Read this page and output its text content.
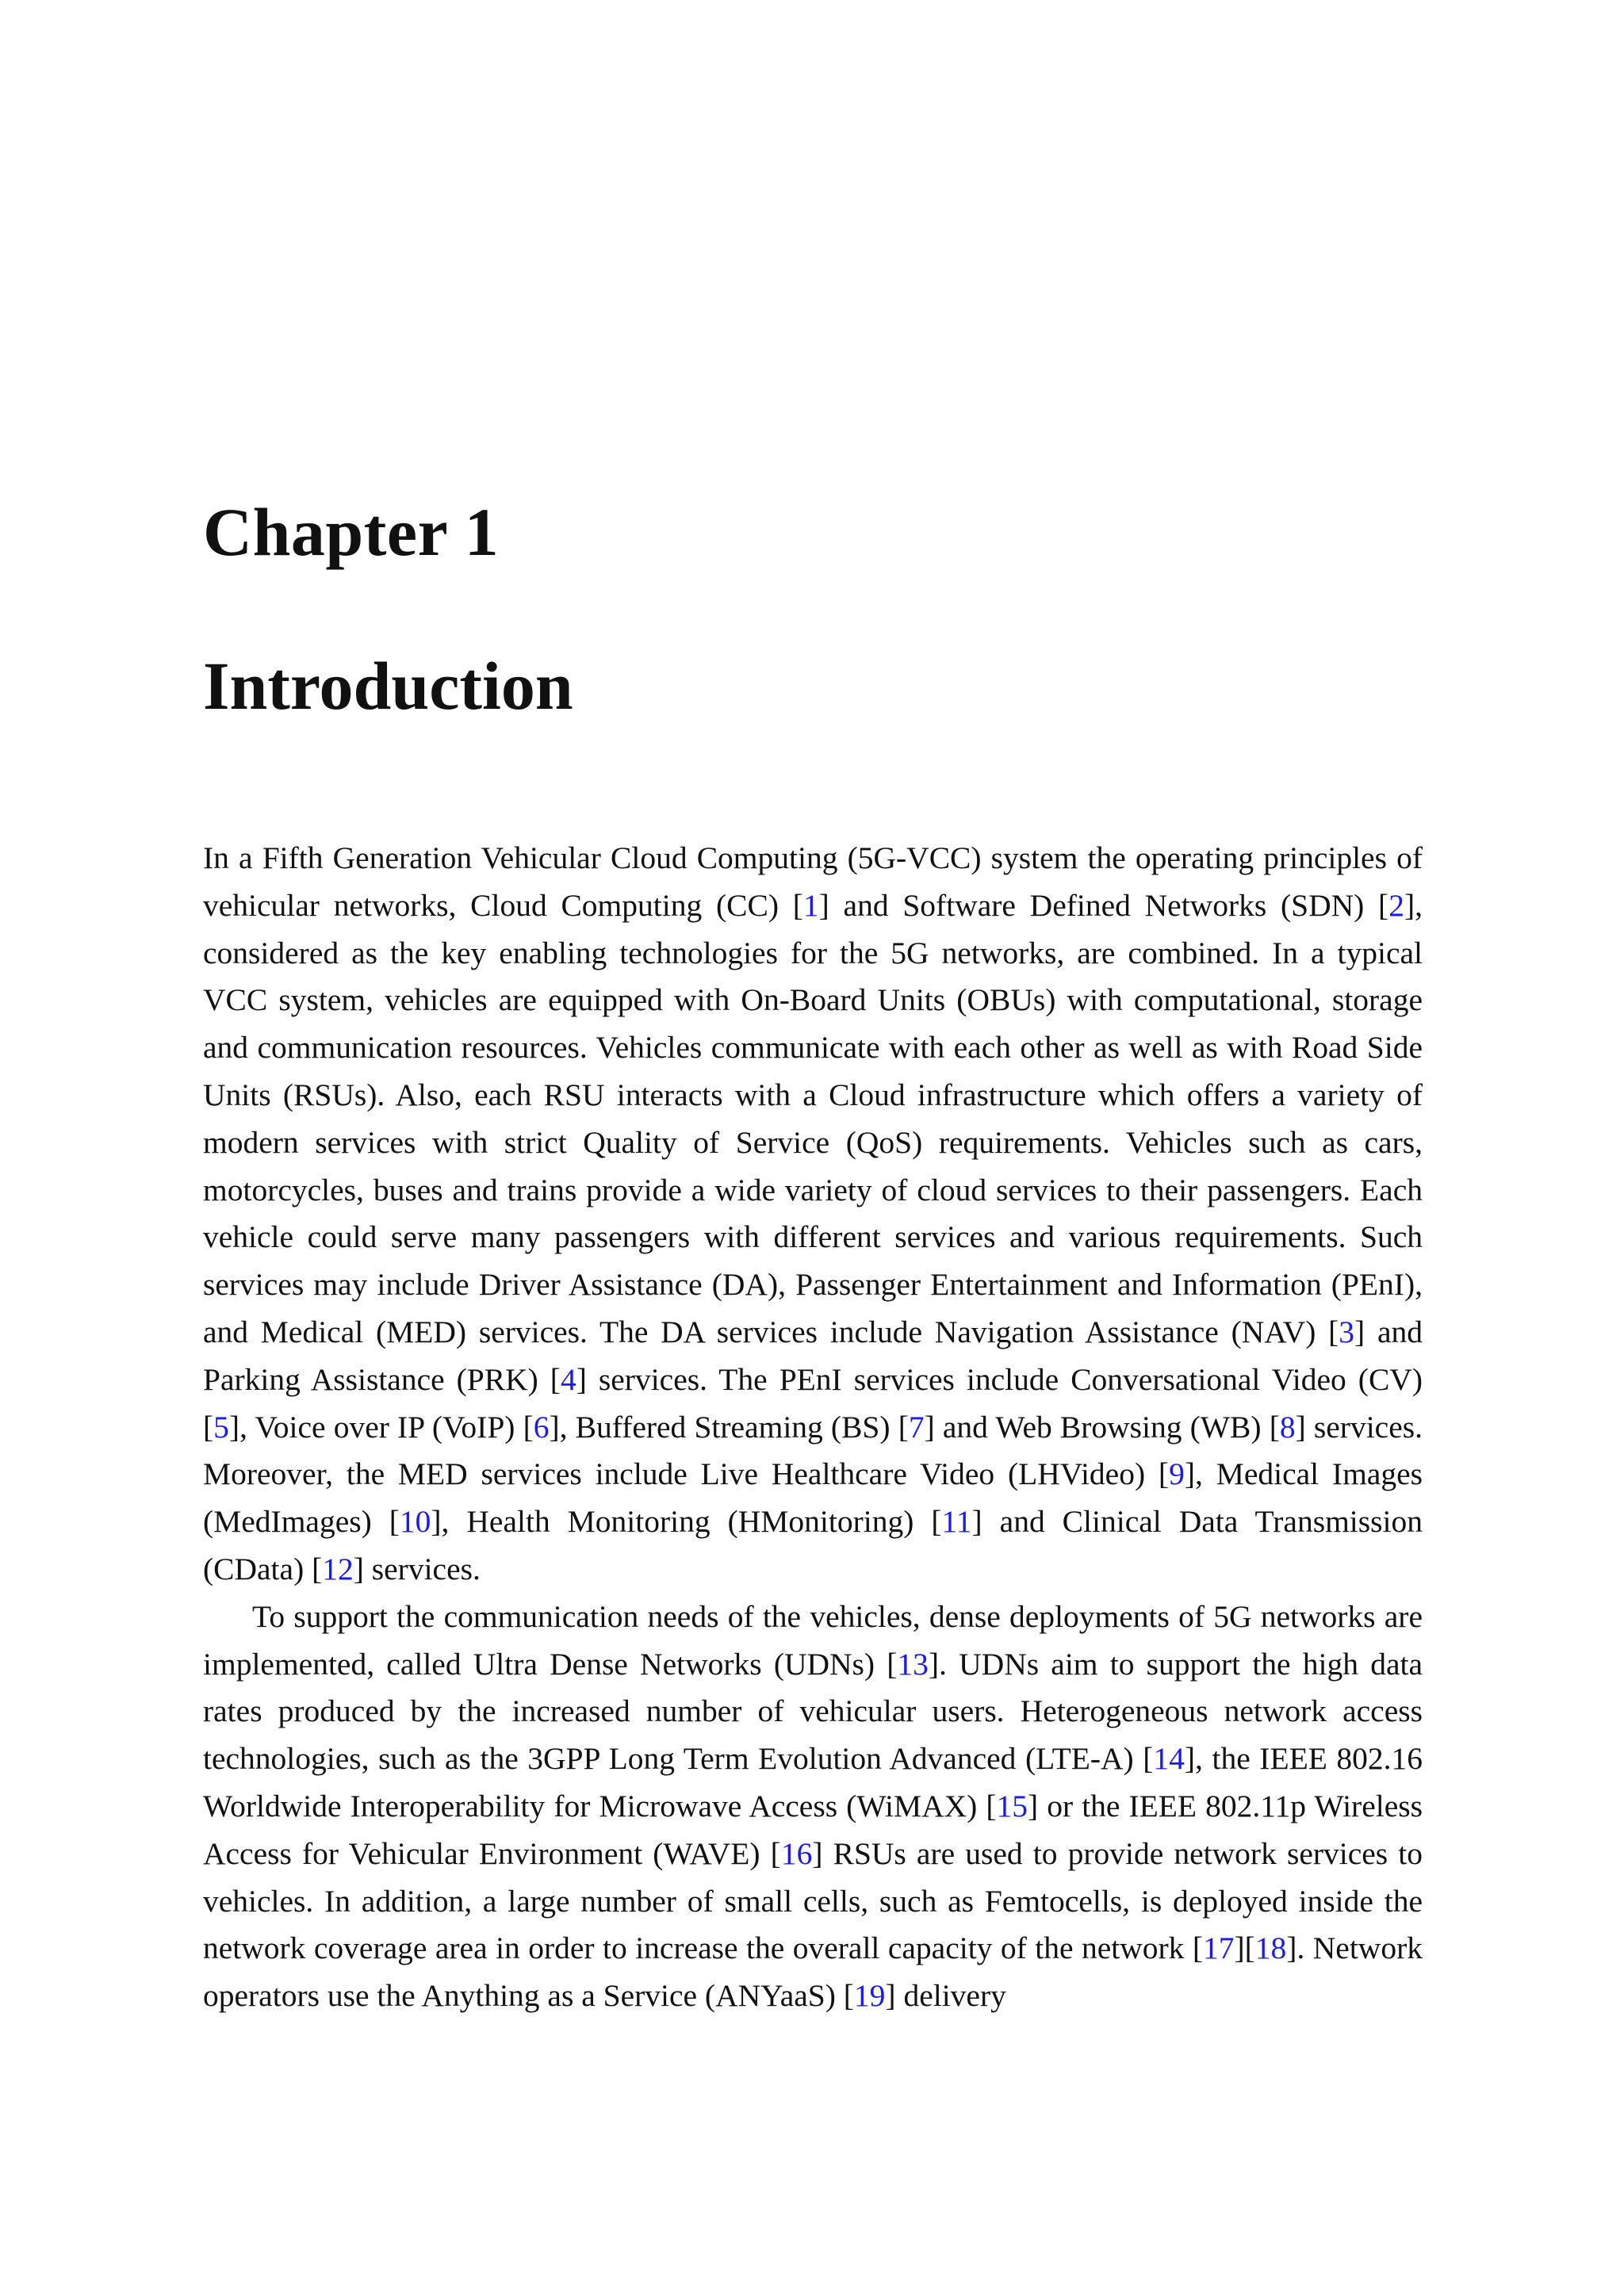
Chapter 1
Introduction

In a Fifth Generation Vehicular Cloud Computing (5G-VCC) system the operating principles of vehicular networks, Cloud Computing (CC) [1] and Software Defined Networks (SDN) [2], considered as the key enabling technologies for the 5G networks, are combined. In a typical VCC system, vehicles are equipped with On-Board Units (OBUs) with computational, storage and communication resources. Vehicles communicate with each other as well as with Road Side Units (RSUs). Also, each RSU interacts with a Cloud infrastructure which offers a variety of modern services with strict Quality of Service (QoS) requirements. Vehicles such as cars, motorcycles, buses and trains provide a wide variety of cloud services to their passengers. Each vehicle could serve many passengers with different services and various requirements. Such services may include Driver Assistance (DA), Passenger Entertainment and Information (PEnI), and Medical (MED) services. The DA services include Navigation Assistance (NAV) [3] and Parking Assistance (PRK) [4] services. The PEnI services include Conversational Video (CV) [5], Voice over IP (VoIP) [6], Buffered Streaming (BS) [7] and Web Browsing (WB) [8] services. Moreover, the MED services include Live Healthcare Video (LHVideo) [9], Medical Images (MedImages) [10], Health Monitoring (HMonitoring) [11] and Clinical Data Transmission (CData) [12] services.

To support the communication needs of the vehicles, dense deployments of 5G networks are implemented, called Ultra Dense Networks (UDNs) [13]. UDNs aim to support the high data rates produced by the increased number of vehicular users. Heterogeneous network access technologies, such as the 3GPP Long Term Evolution Advanced (LTE-A) [14], the IEEE 802.16 Worldwide Interoperability for Microwave Access (WiMAX) [15] or the IEEE 802.11p Wireless Access for Vehicular Environment (WAVE) [16] RSUs are used to provide network services to vehicles. In addition, a large number of small cells, such as Femtocells, is deployed inside the network coverage area in order to increase the overall capacity of the network [17][18]. Network operators use the Anything as a Service (ANYaaS) [19] delivery
